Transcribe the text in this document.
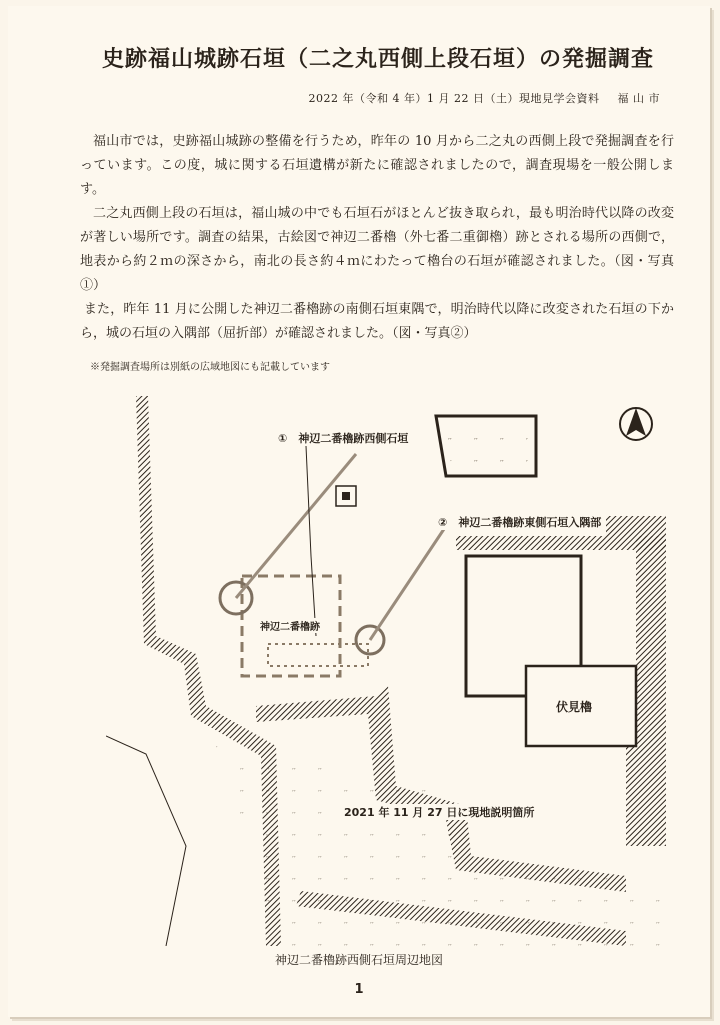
史跡福山城跡石垣（二之丸西側上段石垣）の発掘調査
2022 年（令和 4 年）1 月 22 日（土）現地見学会資料 福 山 市

福山市では，史跡福山城跡の整備を行うため，昨年の 10 月から二之丸の西側上段で発掘調査を行っています。この度，城に関する石垣遺構が新たに確認されましたので，調査現場を一般公開します。

二之丸西側上段の石垣は，福山城の中でも石垣石がほとんど抜き取られ，最も明治時代以降の改変が著しい場所です。調査の結果，古絵図で神辺二番櫓（外七番二重御櫓）跡とされる場所の西側で，地表から約２ｍの深さから，南北の長さ約４ｍにわたって櫓台の石垣が確認されました。（図・写真①）

また，昨年 11 月に公開した神辺二番櫓跡の南側石垣東隅で，明治時代以降に改変された石垣の下から，城の石垣の入隅部（屈折部）が確認されました。（図・写真②）

※発掘調査場所は別紙の広域地図にも記載しています
①　神辺二番櫓跡西側石垣
②　神辺二番櫓跡東側石垣入隅部
神辺二番櫓跡
伏見櫓
2021 年 11 月 27 日に現地説明箇所
神辺二番櫓跡西側石垣周辺地図
1
